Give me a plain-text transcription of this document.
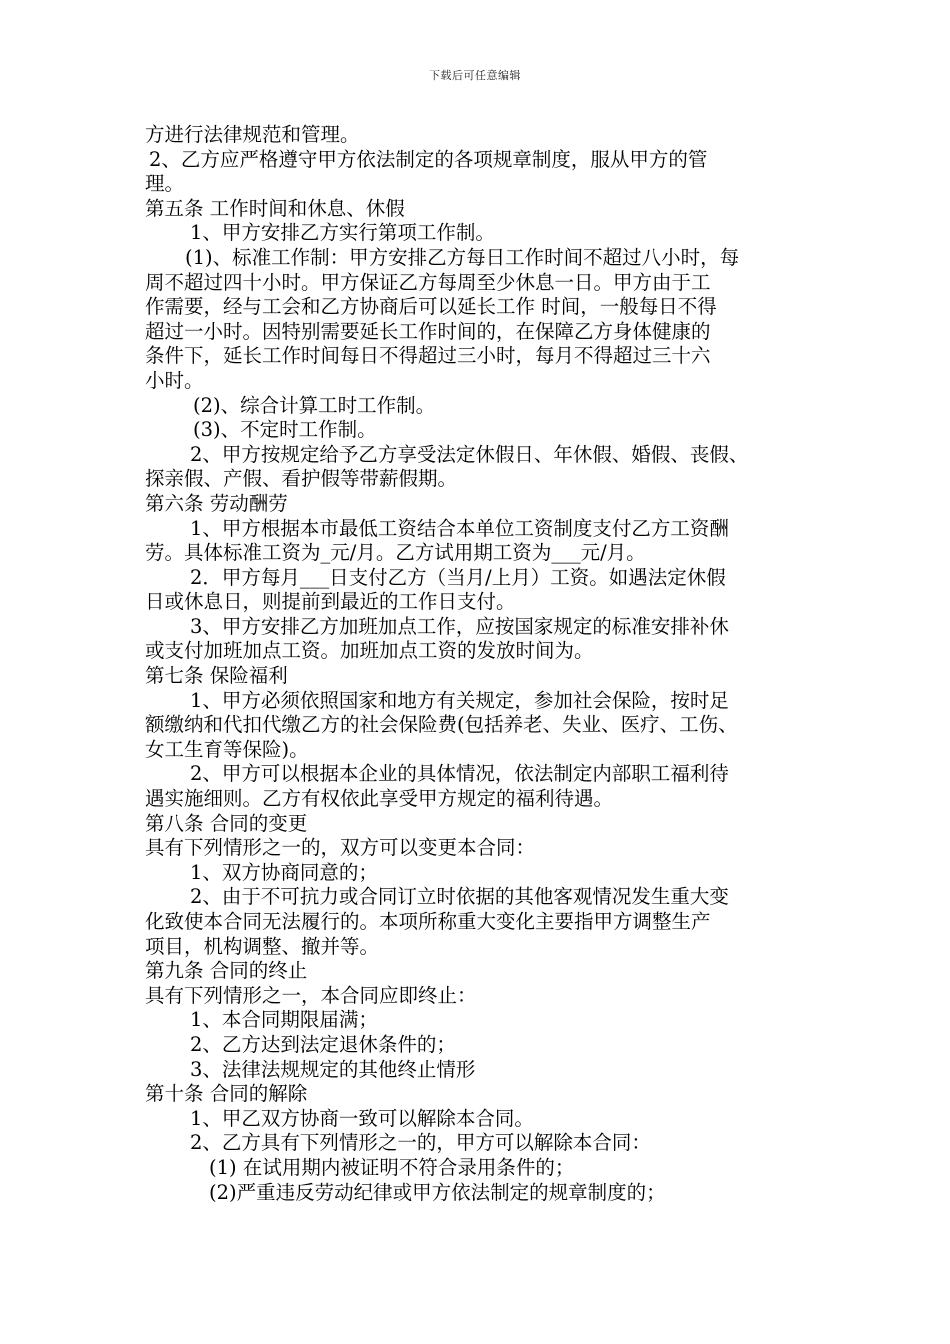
下载后可任意编辑
方进行法律规范和管理。
2、乙方应严格遵守甲方依法制定的各项规章制度，服从甲方的管
理。
第五条 工作时间和休息、休假
1、甲方安排乙方实行第项工作制。
(1)、标准工作制：甲方安排乙方每日工作时间不超过八小时，每
周不超过四十小时。甲方保证乙方每周至少休息一日。甲方由于工
作需要，经与工会和乙方协商后可以延长工作 时间，一般每日不得
超过一小时。因特别需要延长工作时间的，在保障乙方身体健康的
条件下，延长工作时间每日不得超过三小时，每月不得超过三十六
小时。
(2)、综合计算工时工作制。
(3)、不定时工作制。
2、甲方按规定给予乙方享受法定休假日、年休假、婚假、丧假、
探亲假、产假、看护假等带薪假期。
第六条 劳动酬劳
1、甲方根据本市最低工资结合本单位工资制度支付乙方工资酬
劳。具体标准工资为_元/月。乙方试用期工资为___元/月。
2．甲方每月___日支付乙方（当月/上月）工资。如遇法定休假
日或休息日，则提前到最近的工作日支付。
3、甲方安排乙方加班加点工作，应按国家规定的标准安排补休
或支付加班加点工资。加班加点工资的发放时间为。
第七条 保险福利
1、甲方必须依照国家和地方有关规定，参加社会保险，按时足
额缴纳和代扣代缴乙方的社会保险费(包括养老、失业、医疗、工伤、
女工生育等保险)。
2、甲方可以根据本企业的具体情况，依法制定内部职工福利待
遇实施细则。乙方有权依此享受甲方规定的福利待遇。
第八条 合同的变更
具有下列情形之一的，双方可以变更本合同：
1、双方协商同意的；
2、由于不可抗力或合同订立时依据的其他客观情况发生重大变
化致使本合同无法履行的。本项所称重大变化主要指甲方调整生产
项目，机构调整、撤并等。
第九条 合同的终止
具有下列情形之一，本合同应即终止：
1、本合同期限届满；
2、乙方达到法定退休条件的；
3、法律法规规定的其他终止情形
第十条 合同的解除
1、甲乙双方协商一致可以解除本合同。
2、乙方具有下列情形之一的，甲方可以解除本合同：
(1) 在试用期内被证明不符合录用条件的；
(2)严重违反劳动纪律或甲方依法制定的规章制度的；
